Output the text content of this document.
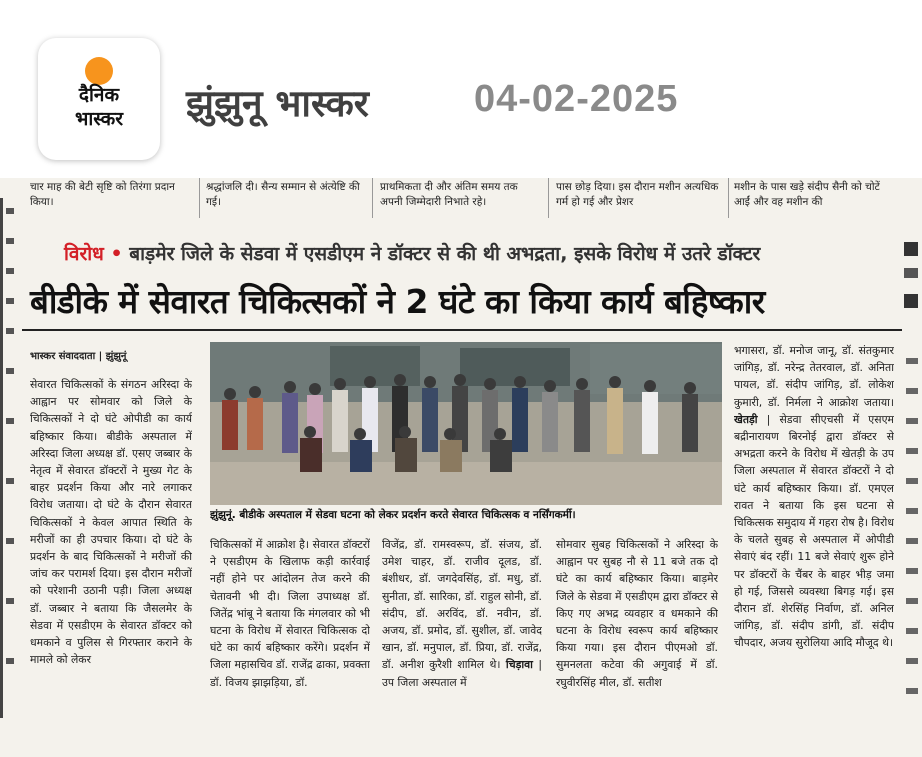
दैनिक
भास्कर	झुंझुनू भास्कर	04-02-2025
चार माह की बेटी सृष्टि को तिरंगा प्रदान किया।
श्रद्धांजलि दी। सैन्य सम्मान से अंत्येष्टि की गई।
प्राथमिकता दी और अंतिम समय तक अपनी जिम्मेदारी निभाते रहे।
पास छोड़ दिया। इस दौरान मशीन अत्यधिक गर्म हो गई और प्रेशर
मशीन के पास खड़े संदीप सैनी को चोटें आईं और वह मशीन की
विरोध • बाड़मेर जिले के सेडवा में एसडीएम ने डॉक्टर से की थी अभद्रता, इसके विरोध में उतरे डॉक्टर
बीडीके में सेवारत चिकित्सकों ने 2 घंटे का किया कार्य बहिष्कार
भास्कर संवाददाता | झुंझुनूं
सेवारत चिकित्सकों के संगठन अरिस्दा के आह्वान पर सोमवार को जिले के चिकित्सकों ने दो घंटे ओपीडी का कार्य बहिष्कार किया। बीडीके अस्पताल में अरिस्दा जिला अध्यक्ष डॉ. एसए जब्बार के नेतृत्व में सेवारत डॉक्टरों ने मुख्य गेट के बाहर प्रदर्शन किया और नारे लगाकर विरोध जताया। दो घंटे के दौरान सेवारत चिकित्सकों ने केवल आपात स्थिति के मरीजों का ही उपचार किया। दो घंटे के प्रदर्शन के बाद चिकित्सकों ने मरीजों की जांच कर परामर्श दिया। इस दौरान मरीजों को परेशानी उठानी पड़ी। जिला अध्यक्ष डॉ. जब्बार ने बताया कि जैसलमेर के सेडवा में एसडीएम के सेवारत डॉक्टर को धमकाने व पुलिस से गिरफ्तार कराने के मामले को लेकर
झुंझुनूं. बीडीके अस्पताल में सेडवा घटना को लेकर प्रदर्शन करते सेवारत चिकित्सक व नर्सिंगकर्मी।
चिकित्सकों में आक्रोश है। सेवारत डॉक्टरों ने एसडीएम के खिलाफ कड़ी कार्रवाई नहीं होने पर आंदोलन तेज करने की चेतावनी भी दी। जिला उपाध्यक्ष डॉ. जितेंद्र भांबू ने बताया कि मंगलवार को भी घटना के विरोध में सेवारत चिकित्सक दो घंटे का कार्य बहिष्कार करेंगे। प्रदर्शन में जिला महासचिव डॉ. राजेंद्र ढाका, प्रवक्ता डॉ. विजय झाझड़िया, डॉ.
विजेंद्र, डॉ. रामस्वरूप, डॉ. संजय, डॉ. उमेश चाहर, डॉ. राजीव दूलड, डॉ. बंशीधर, डॉ. जगदेवसिंह, डॉ. मधु, डॉ. सुनीता, डॉ. सारिका, डॉ. राहुल सोनी, डॉ. संदीप, डॉ. अरविंद, डॉ. नवीन, डॉ. अजय, डॉ. प्रमोद, डॉ. सुशील, डॉ. जावेद खान, डॉ. मनुपाल, डॉ. प्रिया, डॉ. राजेंद्र, डॉ. अनीश कुरैशी शामिल थे। चिड़ावा | उप जिला अस्पताल में
सोमवार सुबह चिकित्सकों ने अरिस्दा के आह्वान पर सुबह नौ से 11 बजे तक दो घंटे का कार्य बहिष्कार किया। बाड़मेर जिले के सेडवा में एसडीएम द्वारा डॉक्टर से किए गए अभद्र व्यवहार व धमकाने की घटना के विरोध स्वरूप कार्य बहिष्कार किया गया। इस दौरान पीएमओ डॉ. सुमनलता कटेवा की अगुवाई में डॉ. रघुवीरसिंह मील, डॉ. सतीश
भगासरा, डॉ. मनोज जानू, डॉ. संतकुमार जांगिड़, डॉ. नरेन्द्र तेतरवाल, डॉ. अनिता पायल, डॉ. संदीप जांगिड़, डॉ. लोकेश कुमारी, डॉ. निर्मला ने आक्रोश जताया। खेतड़ी | सेडवा सीएचसी में एसएम बद्रीनारायण बिरनोई द्वारा डॉक्टर से अभद्रता करने के विरोध में खेतड़ी के उप जिला अस्पताल में सेवारत डॉक्टरों ने दो घंटे कार्य बहिष्कार किया। डॉ. एमएल रावत ने बताया कि इस घटना से चिकित्सक समुदाय में गहरा रोष है। विरोध के चलते सुबह से अस्पताल में ओपीडी सेवाएं बंद रहीं। 11 बजे सेवाएं शुरू होने पर डॉक्टरों के चैंबर के बाहर भीड़ जमा हो गई, जिससे व्यवस्था बिगड़ गई। इस दौरान डॉ. शेरसिंह निर्वाण, डॉ. अनिल जांगिड़, डॉ. संदीप डांगी, डॉ. संदीप चौपदार, अजय सुरोलिया आदि मौजूद थे।
